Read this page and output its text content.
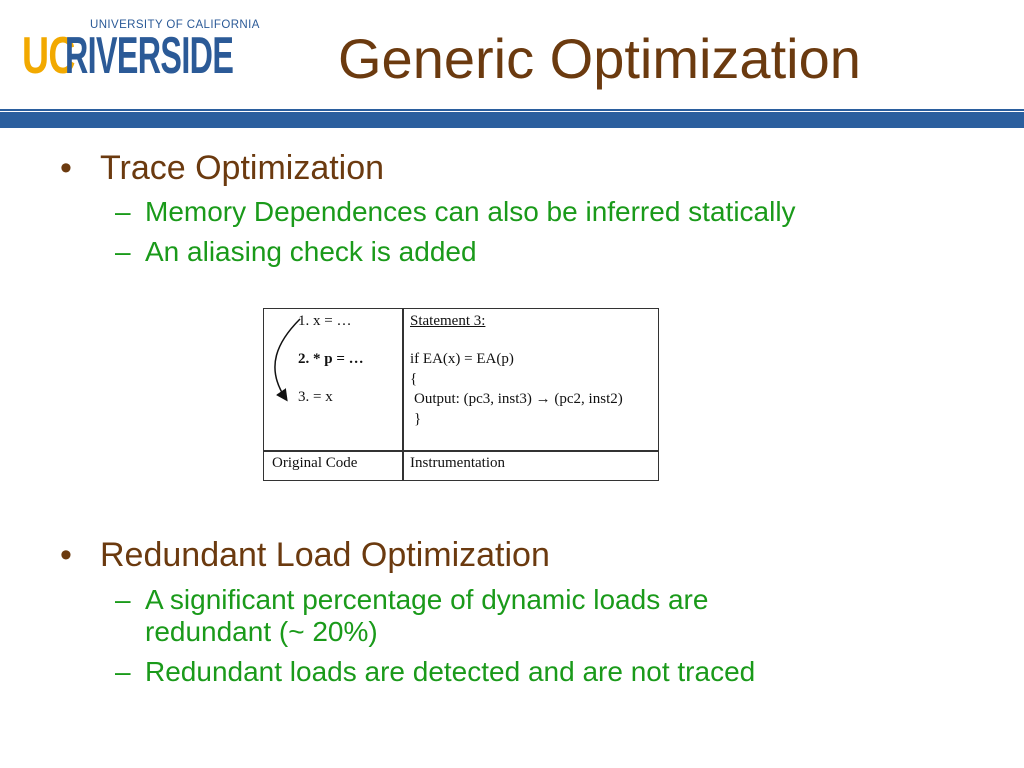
UNIVERSITY OF CALIFORNIA
UC
RIVERSIDE Generic Optimization
• Trace Optimization
– Memory Dependences can also be inferred statically
– An aliasing check is added
1. x = …
2. * p = …
3. = x
Statement 3:
if EA(x) = EA(p)
{
Output: (pc3, inst3) → (pc2, inst2)
}
Original Code	Instrumentation
• Redundant Load Optimization
– A significant percentage of dynamic loads are
redundant (~ 20%)
– Redundant loads are detected and are not traced
